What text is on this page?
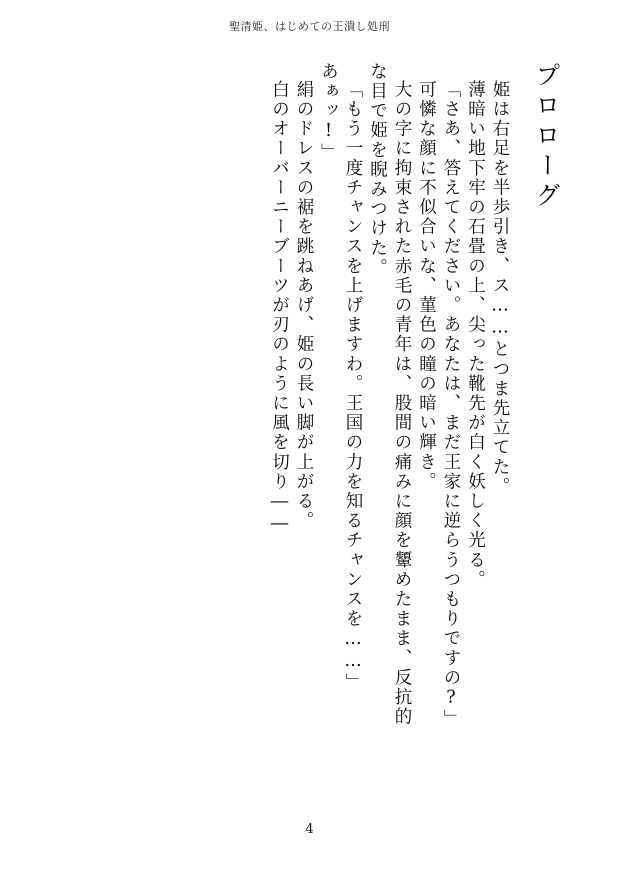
聖清姫、はじめての王潰し処刑
プロローグ
姫は右足を半歩引き、ス……とつま先立てた。
薄暗い地下牢の石畳の上、尖った靴先が白く妖しく光る。
「さあ、答えてください。あなたは、まだ王家に逆らうつもりですの?」
可憐な顔に不似合いな、菫色の瞳の暗い輝き。
大の字に拘束された赤毛の青年は、股間の痛みに顔を顰めたまま、反抗的
な目で姫を睨みつけた。
「もう一度チャンスを上げますわ。王国の力を知るチャンスを……」
あぁッ!」
絹のドレスの裾を跳ねあげ、姫の長い脚が上がる。
白のオーバーニーブーツが刃のように風を切り――
4
